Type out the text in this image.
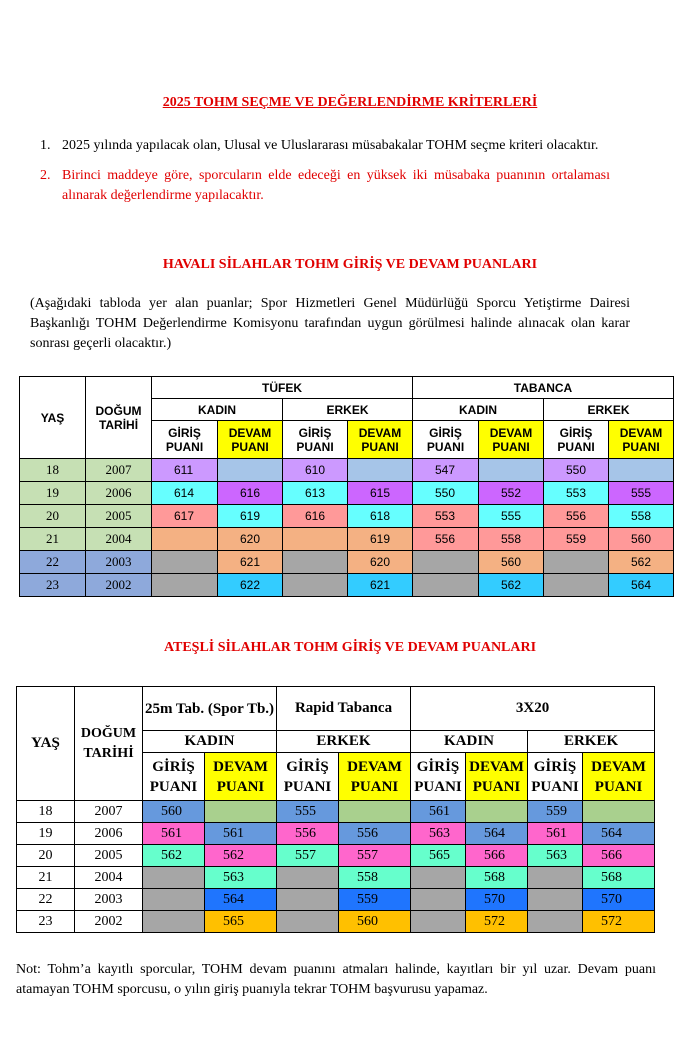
2025 TOHM SEÇME VE DEĞERLENDİRME KRİTERLERİ
1. 2025 yılında yapılacak olan, Ulusal ve Uluslararası müsabakalar TOHM seçme kriteri olacaktır.
2. Birinci maddeye göre, sporcuların elde edeceği en yüksek iki müsabaka puanının ortalaması alınarak değerlendirme yapılacaktır.
HAVALI SİLAHLAR TOHM GİRİŞ VE DEVAM PUANLARI
(Aşağıdaki tabloda yer alan puanlar; Spor Hizmetleri Genel Müdürlüğü Sporcu Yetiştirme Dairesi Başkanlığı TOHM Değerlendirme Komisyonu tarafından uygun görülmesi halinde alınacak olan karar sonrası geçerli olacaktır.)
YAŞ	DOĞUM TARİHİ	TÜFEK				TABANCA			
		KADIN		ERKEK		KADIN		ERKEK	
		GİRİŞ PUANI	DEVAM PUANI	GİRİŞ PUANI	DEVAM PUANI	GİRİŞ PUANI	DEVAM PUANI	GİRİŞ PUANI	DEVAM PUANI
18	2007	611		610		547		550	
19	2006	614	616	613	615	550	552	553	555
20	2005	617	619	616	618	553	555	556	558
21	2004		620		619	556	558	559	560
22	2003		621		620		560		562
23	2002		622		621		562		564
ATEŞLİ SİLAHLAR TOHM GİRİŞ VE DEVAM PUANLARI
YAŞ	DOĞUM TARİHİ	25m Tab. (Spor Tb.)		Rapid Tabanca		3X20			
		KADIN		ERKEK		KADIN		ERKEK	
		GİRİŞ PUANI	DEVAM PUANI	GİRİŞ PUANI	DEVAM PUANI	GİRİŞ PUANI	DEVAM PUANI	GİRİŞ PUANI	DEVAM PUANI
18	2007	560		555		561		559	
19	2006	561	561	556	556	563	564	561	564
20	2005	562	562	557	557	565	566	563	566
21	2004		563		558		568		568
22	2003		564		559		570		570
23	2002		565		560		572		572
Not: Tohm’a kayıtlı sporcular, TOHM devam puanını atmaları halinde, kayıtları bir yıl uzar. Devam puanı atamayan TOHM sporcusu, o yılın giriş puanıyla tekrar TOHM başvurusu yapamaz.
